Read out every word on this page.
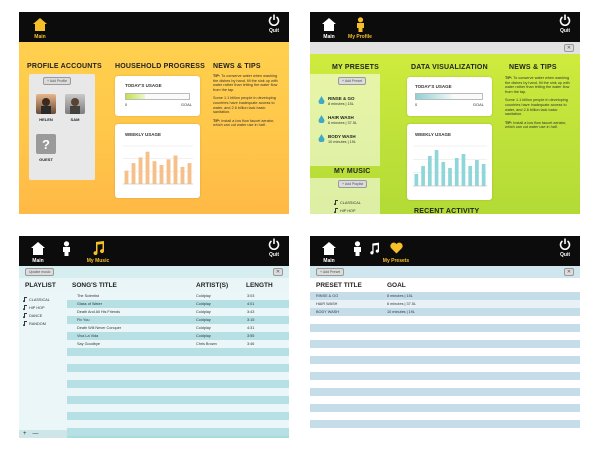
Main
Quit
PROFILE ACCOUNTS
+ Add Profile
HELEN	SAM
?
GUEST
HOUSEHOLD PROGRESS
TODAY'S USAGE
0	GOAL
WEEKLY USAGE
NEWS & TIPS

TIP: To conserve water when washing the dishes by hand, fill the sink up with water rather than letting the water flow from the tap.

Some 1.1 billion people in developing countries have inadequate access to water, and 2.6 billion lack basic sanitation.

TIP: Install a low flow faucet aerator, which can cut water use in half.

Main	My Profile
Quit
✕
MY PRESETS
+ Add Preset
RINSE & GO
8 minutes | 15L
HAIR WASH
6 minutes | 37.5L
BODY WASH
10 minutes | 19L
MY MUSIC
+ Add Playlist
CLASSICAL
HIP HOP
DATA VISUALIZATION
TODAY'S USAGE
0	GOAL
WEEKLY USAGE
RECENT ACTIVITY
NEWS & TIPS

TIP: To conserve water when washing the dishes by hand, fill the sink up with water rather than letting the water flow from the tap.

Some 1.1 billion people in developing countries have inadequate access to water, and 2.6 billion lack basic sanitation.

TIP: Install a low flow faucet aerator, which can cut water use in half.

Main	My Music
Quit
Update music	✕
PLAYLIST SONG'S TITLE	ARTIST(S)	LENGTH
CLASSICAL
HIP HOP
DANCE
RANDOM
+ —
The Scientist	Coldplay	3:03
Glass of Water	Coldplay	4:01
Death And All His Friends	Coldplay	3:43
Fix You	Coldplay	3:15
Death Will Never Conquer	Coldplay	4:31
Viva La Vida	Coldplay	3:55
Say Goodbye	Chris Brown	3:46
Main	My Presets
Quit
+ Add Preset	✕
PRESET TITLE	GOAL
RINSE & GO	8 minutes | 15L
HAIR WASH	6 minutes | 37.5L
BODY WASH	10 minutes | 19L
